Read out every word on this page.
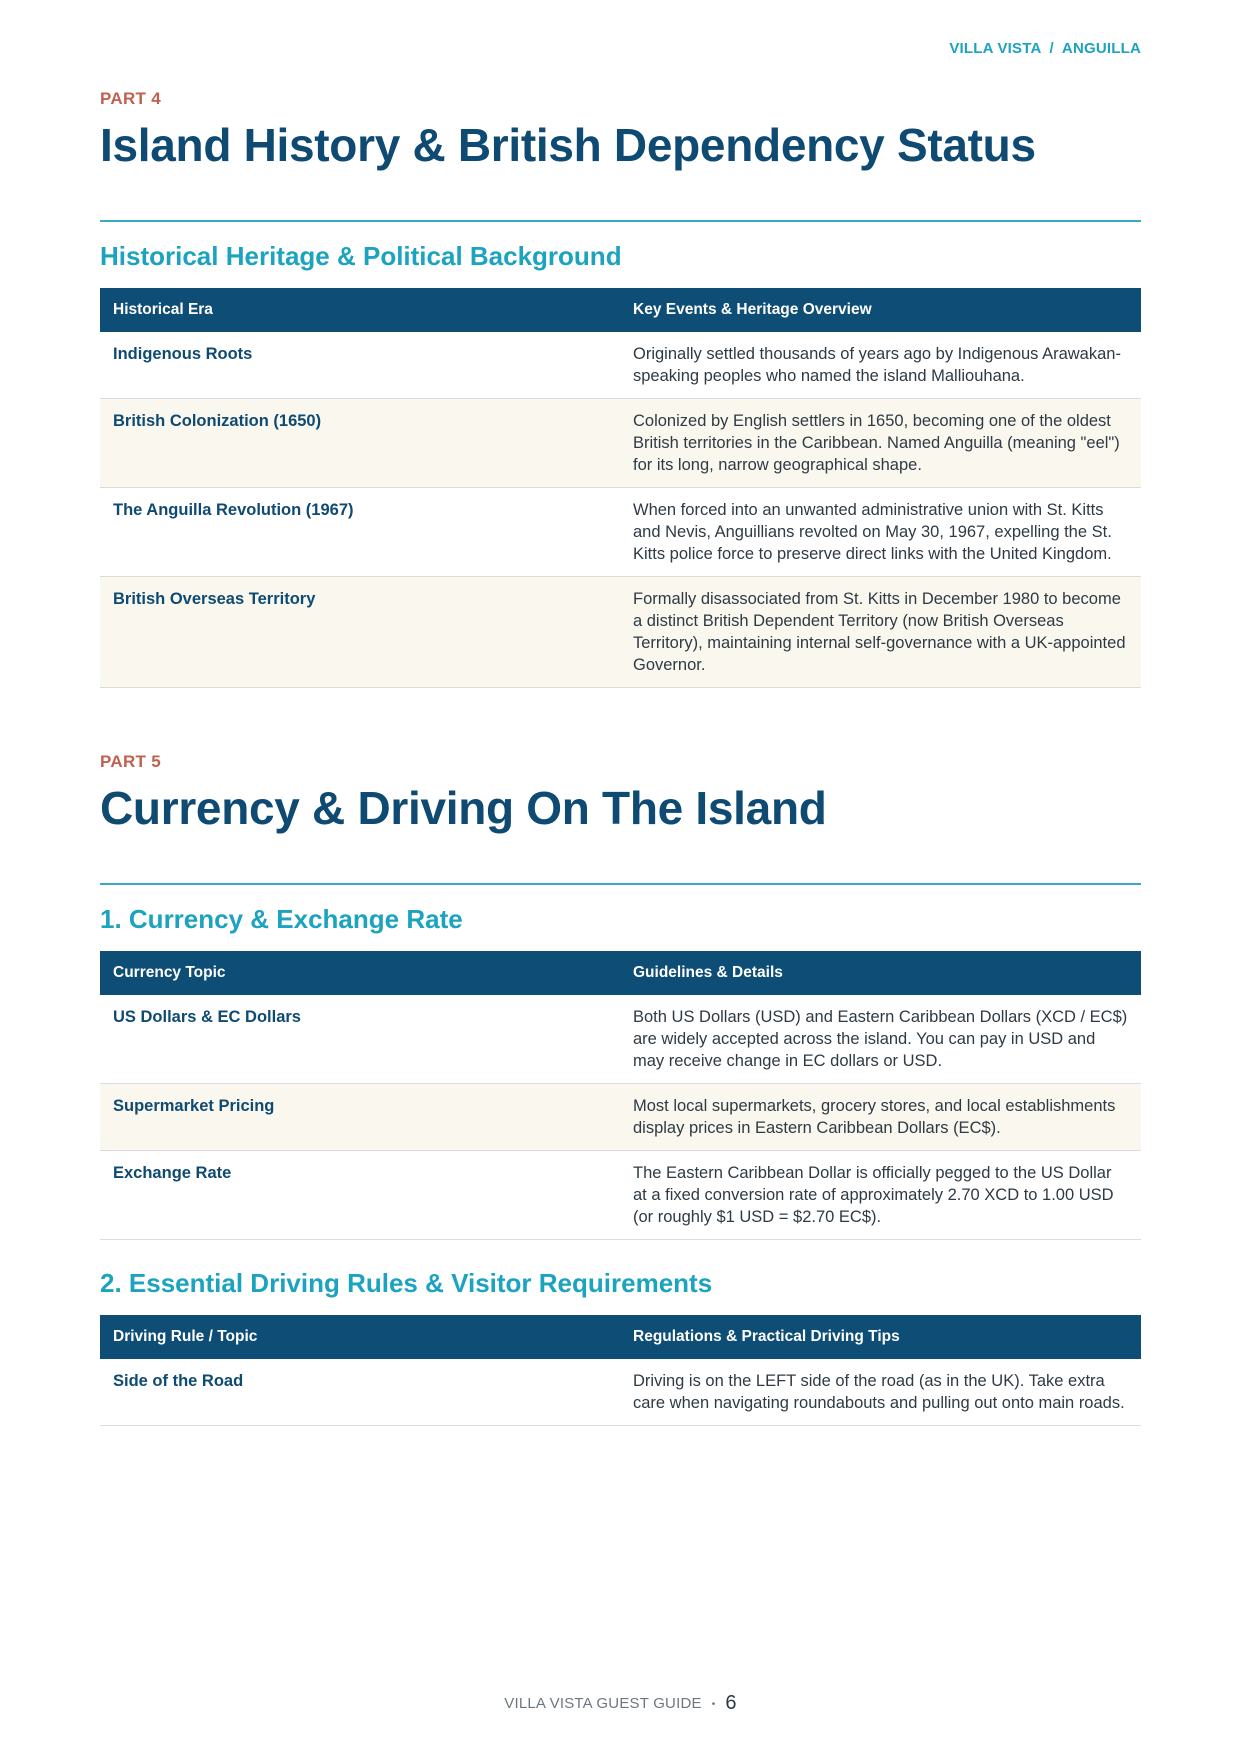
VILLA VISTA / ANGUILLA
PART 4
Island History & British Dependency Status
Historical Heritage & Political Background
Historical Era	Key Events & Heritage Overview
Indigenous Roots	Originally settled thousands of years ago by Indigenous Arawakan-speaking peoples who named the island Malliouhana.
British Colonization (1650)	Colonized by English settlers in 1650, becoming one of the oldest British territories in the Caribbean. Named Anguilla (meaning "eel") for its long, narrow geographical shape.
The Anguilla Revolution (1967)	When forced into an unwanted administrative union with St. Kitts and Nevis, Anguillians revolted on May 30, 1967, expelling the St. Kitts police force to preserve direct links with the United Kingdom.
British Overseas Territory	Formally disassociated from St. Kitts in December 1980 to become a distinct British Dependent Territory (now British Overseas Territory), maintaining internal self-governance with a UK-appointed Governor.
PART 5
Currency & Driving On The Island
1. Currency & Exchange Rate
Currency Topic	Guidelines & Details
US Dollars & EC Dollars	Both US Dollars (USD) and Eastern Caribbean Dollars (XCD / EC$) are widely accepted across the island. You can pay in USD and may receive change in EC dollars or USD.
Supermarket Pricing	Most local supermarkets, grocery stores, and local establishments display prices in Eastern Caribbean Dollars (EC$).
Exchange Rate	The Eastern Caribbean Dollar is officially pegged to the US Dollar at a fixed conversion rate of approximately 2.70 XCD to 1.00 USD (or roughly $1 USD = $2.70 EC$).
2. Essential Driving Rules & Visitor Requirements
Driving Rule / Topic	Regulations & Practical Driving Tips
Side of the Road	Driving is on the LEFT side of the road (as in the UK). Take extra care when navigating roundabouts and pulling out onto main roads.
VILLA VISTA GUEST GUIDE • 6
